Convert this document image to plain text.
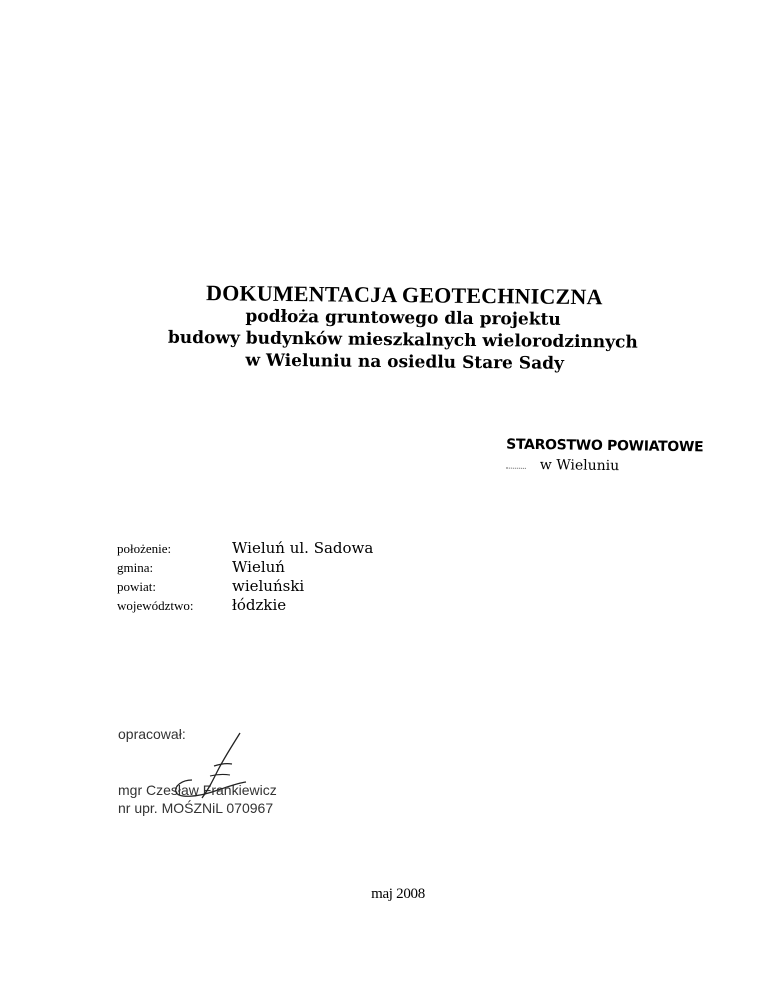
DOKUMENTACJA GEOTECHNICZNA
podłoża gruntowego dla projektu
budowy budynków mieszkalnych wielorodzinnych
w Wieluniu na osiedlu Stare Sady
STAROSTWO POWIATOWE
w Wieluniu
położenie:	Wieluń ul. Sadowa
gmina:	Wieluń
powiat:	wieluński
województwo:	łódzkie
opracował:
mgr Czesław Frankiewicz
nr upr. MOŚZNiL 070967
maj 2008
